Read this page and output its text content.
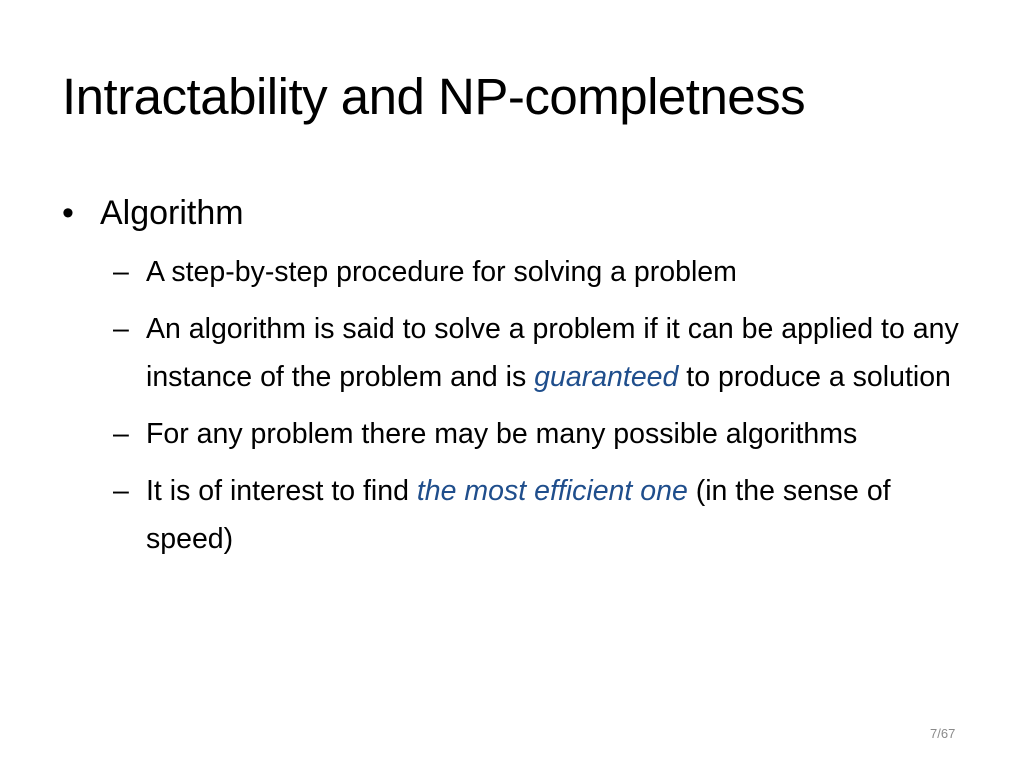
Intractability and NP-completness
• Algorithm
– A step-by-step procedure for solving a problem
– An algorithm is said to solve a problem if it can be applied to any instance of the problem and is guaranteed to produce a solution
– For any problem there may be many possible algorithms
– It is of interest to find the most efficient one (in the sense of speed)
7/67
